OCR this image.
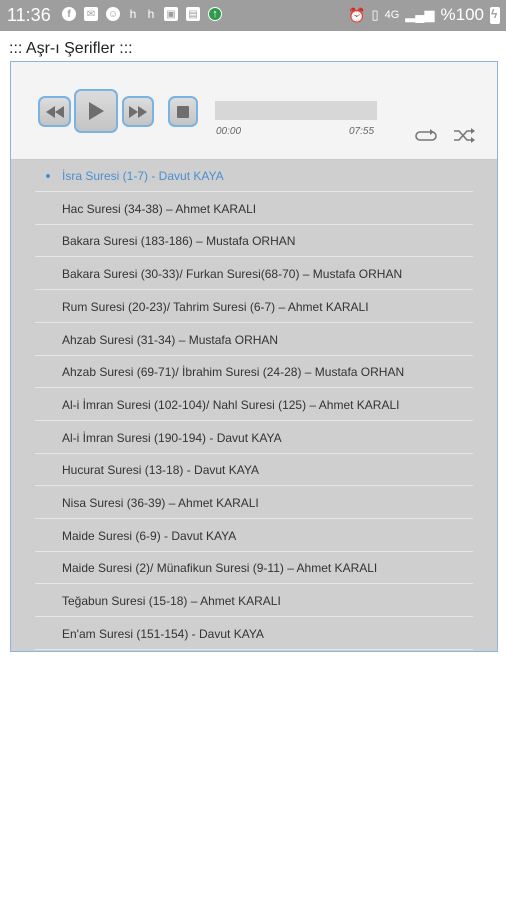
11:36	f	✉ ☺ h h ▣ ▤	↑	⏰ ▯ 4G ▂▄▆ %100
ϟ
::: Aşr-ı Şerifler :::
00:00	07:55
İsra Suresi (1-7) - Davut KAYA
Hac Suresi (34-38) – Ahmet KARALI
Bakara Suresi (183-186) – Mustafa ORHAN
Bakara Suresi (30-33)/ Furkan Suresi(68-70) – Mustafa ORHAN
Rum Suresi (20-23)/ Tahrim Suresi (6-7) – Ahmet KARALI
Ahzab Suresi (31-34) – Mustafa ORHAN
Ahzab Suresi (69-71)/ İbrahim Suresi (24-28) – Mustafa ORHAN
Al-i İmran Suresi (102-104)/ Nahl Suresi (125) – Ahmet KARALI
Al-i İmran Suresi (190-194) - Davut KAYA
Hucurat Suresi (13-18) - Davut KAYA
Nisa Suresi (36-39) – Ahmet KARALI
Maide Suresi (6-9) - Davut KAYA
Maide Suresi (2)/ Münafikun Suresi (9-11) – Ahmet KARALI
Teğabun Suresi (15-18) – Ahmet KARALI
En'am Suresi (151-154) - Davut KAYA
